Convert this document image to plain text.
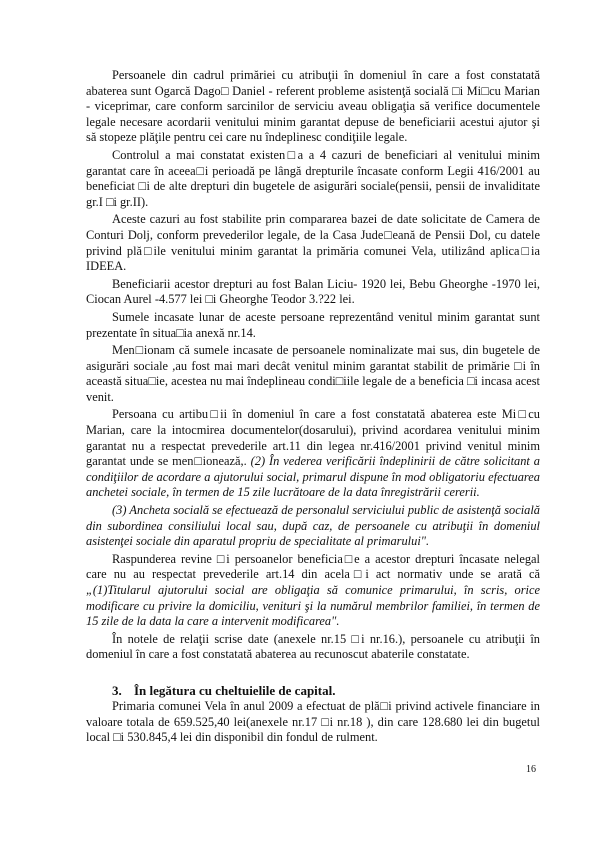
Persoanele din cadrul primăriei cu atribuţii în domeniul în care a fost constatată abaterea sunt Ogarcă Dago□ Daniel - referent probleme asistenţă socială □i Mi□cu Marian - viceprimar, care conform sarcinilor de serviciu aveau obligaţia să verifice documentele legale necesare acordarii venitului minim garantat depuse de beneficiarii acestui ajutor şi să stopeze plăţile pentru cei care nu îndeplinesc condiţiile legale.

Controlul a mai constatat existen□a a 4 cazuri de beneficiari al venitului minim garantat care în aceea□i perioadă pe lângă drepturile încasate conform Legii 416/2001 au beneficiat □i de alte drepturi din bugetele de asigurări sociale(pensii, pensii de invaliditate gr.I □i gr.II).

Aceste cazuri au fost stabilite prin compararea bazei de date solicitate de Camera de Conturi Dolj, conform prevederilor legale, de la Casa Jude□eană de Pensii Dol, cu datele privind plă□ile venitului minim garantat la primăria comunei Vela, utilizând aplica□ia IDEEA.

Beneficiarii acestor drepturi au fost Balan Liciu- 1920 lei, Bebu Gheorghe -1970 lei, Ciocan Aurel -4.577 lei □i Gheorghe Teodor 3.?22 lei.

Sumele incasate lunar de aceste persoane reprezentând venitul minim garantat sunt prezentate în situa□ia anexă nr.14.

Men□ionam că sumele incasate de persoanele nominalizate mai sus, din bugetele de asigurări sociale ,au fost mai mari decât venitul minim garantat stabilit de primărie □i în această situa□ie, acestea nu mai îndeplineau condi□iile legale de a beneficia □i incasa acest venit.

Persoana cu artibu□ii în domeniul în care a fost constatată abaterea este Mi□cu Marian, care la intocmirea documentelor(dosarului), privind acordarea venitului minim garantat nu a respectat prevederile art.11 din legea nr.416/2001 privind venitul minim garantat unde se men□ionează,. (2) În vederea verificării îndeplinirii de către solicitant a condiţiilor de acordare a ajutorului social, primarul dispune în mod obligatoriu efectuarea anchetei sociale, în termen de 15 zile lucrătoare de la data înregistrării cererii.

(3) Ancheta socială se efectuează de personalul serviciului public de asistenţă socială din subordinea consiliului local sau, după caz, de persoanele cu atribuţii în domeniul asistenţei sociale din aparatul propriu de specialitate al primarului".

Raspunderea revine □i persoanelor beneficia□e a acestor drepturi încasate nelegal care nu au respectat prevederile art.14 din acela□i act normativ unde se arată că „(1)Titularul ajutorului social are obligaţia să comunice primarului, în scris, orice modificare cu privire la domiciliu, venituri şi la numărul membrilor familiei, în termen de 15 zile de la data la care a intervenit modificarea".

În notele de relaţii scrise date (anexele nr.15 □i nr.16.), persoanele cu atribuţii în domeniul în care a fost constatată abaterea au recunoscut abaterile constatate.

3. În legătura cu cheltuielile de capital.

Primaria comunei Vela în anul 2009 a efectuat de plă□i privind activele financiare in valoare totala de 659.525,40 lei(anexele nr.17 □i nr.18 ), din care 128.680 lei din bugetul local □i 530.845,4 lei din disponibil din fondul de rulment.

16
